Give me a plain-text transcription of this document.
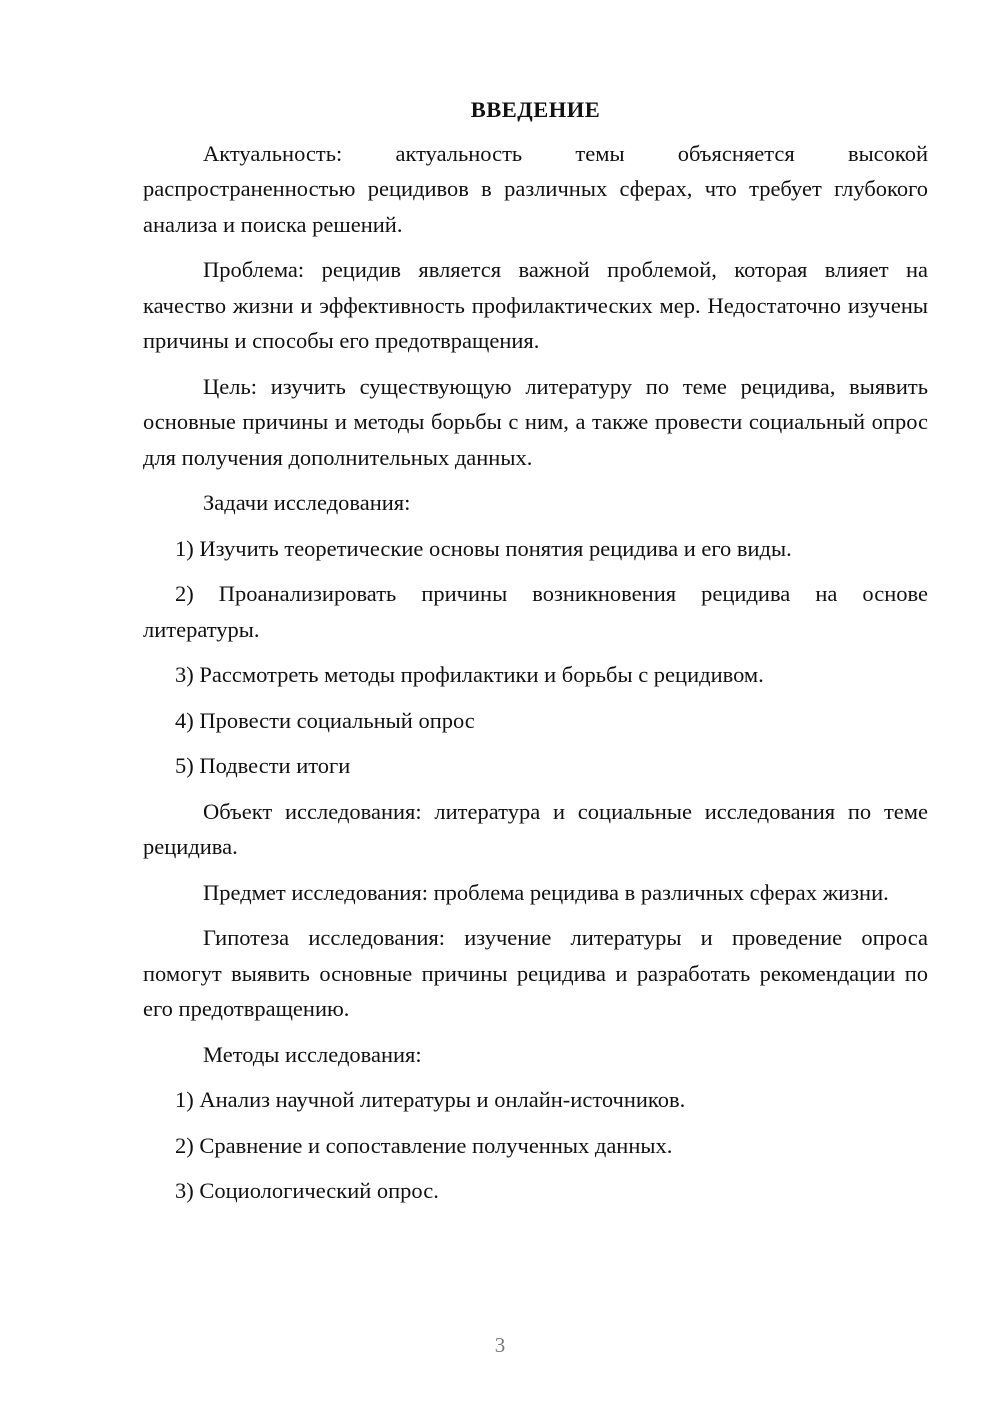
ВВЕДЕНИЕ

Актуальность: актуальность темы объясняется высокой распространенностью рецидивов в различных сферах, что требует глубокого анализа и поиска решений.

Проблема: рецидив является важной проблемой, которая влияет на качество жизни и эффективность профилактических мер. Недостаточно изучены причины и способы его предотвращения.

Цель: изучить существующую литературу по теме рецидива, выявить основные причины и методы борьбы с ним, а также провести социальный опрос для получения дополнительных данных.

Задачи исследования:

1) Изучить теоретические основы понятия рецидива и его виды.

2) Проанализировать причины возникновения рецидива на основе литературы.

3) Рассмотреть методы профилактики и борьбы с рецидивом.

4) Провести социальный опрос

5) Подвести итоги

Объект исследования: литература и социальные исследования по теме рецидива.

Предмет исследования: проблема рецидива в различных сферах жизни.

Гипотеза исследования: изучение литературы и проведение опроса помогут выявить основные причины рецидива и разработать рекомендации по его предотвращению.

Методы исследования:

1) Анализ научной литературы и онлайн-источников.

2) Сравнение и сопоставление полученных данных.

3) Социологический опрос.

3
